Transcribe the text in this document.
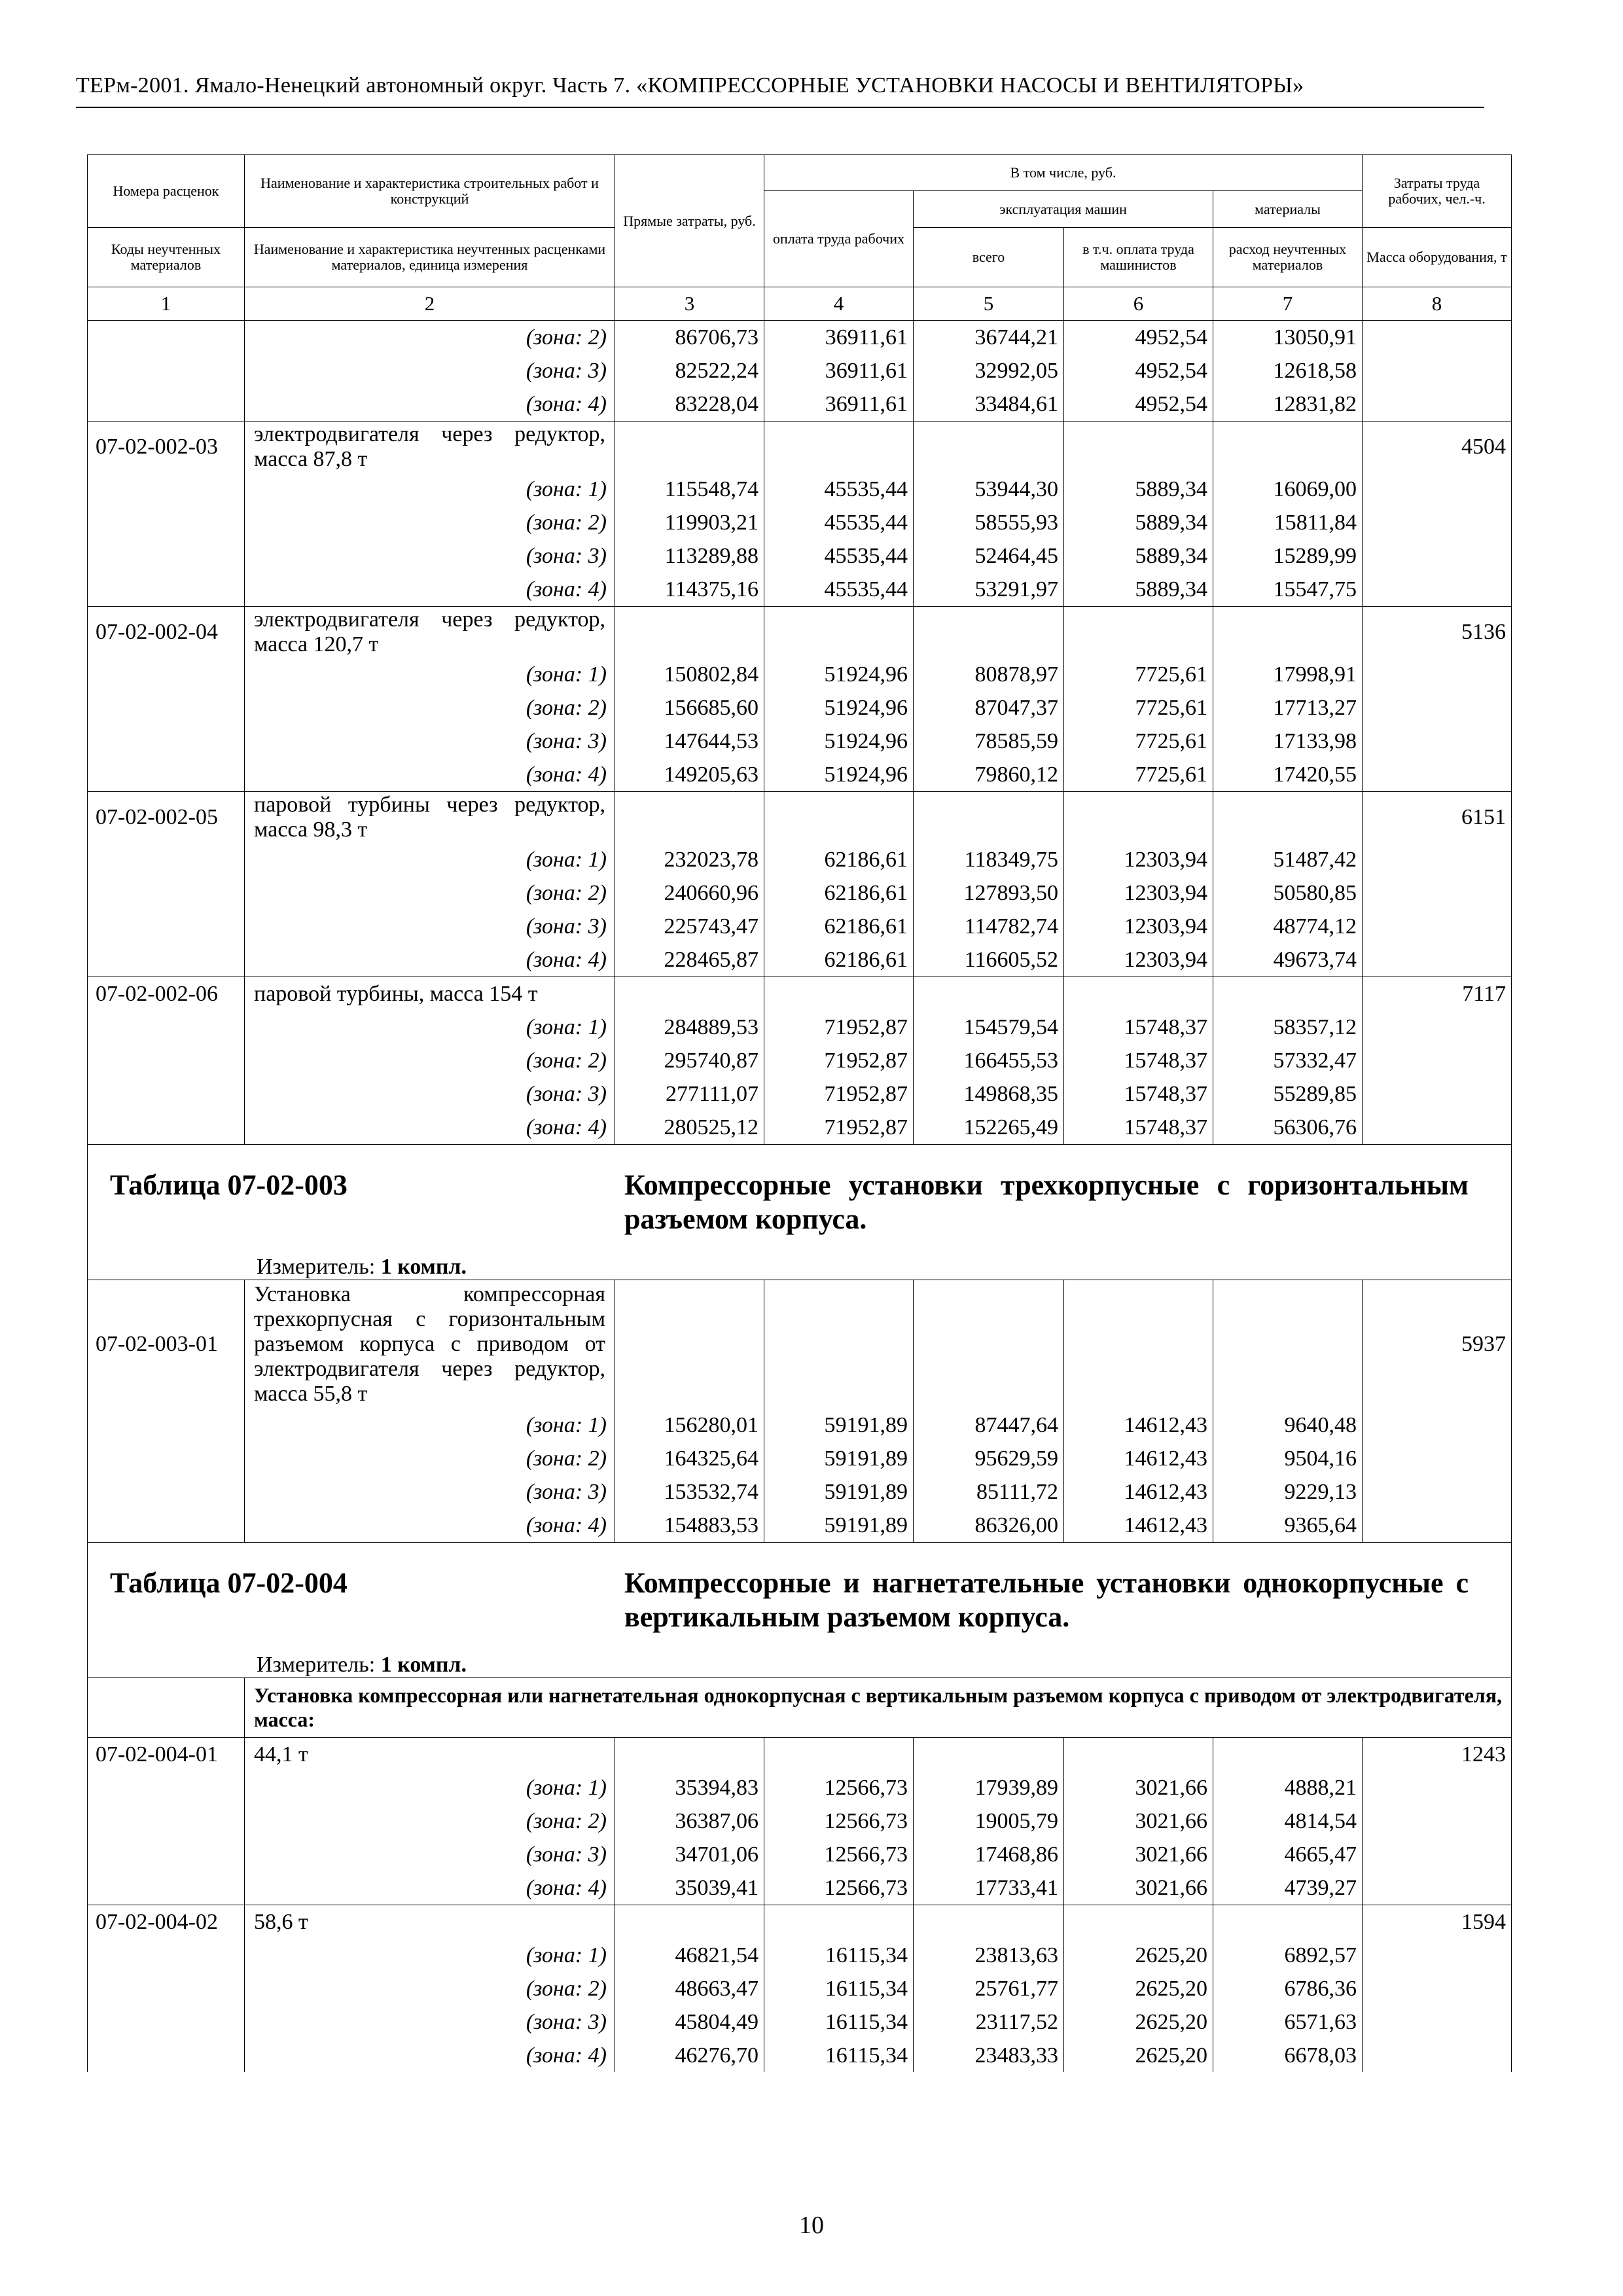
ТЕРм-2001. Ямало-Ненецкий автономный округ. Часть 7. «КОМПРЕССОРНЫЕ УСТАНОВКИ НАСОСЫ И ВЕНТИЛЯТОРЫ»
Номера расценок	Наименование и характеристика строительных работ и конструкций	Прямые затраты, руб.	В том числе, руб.				Затраты труда рабочих, чел.-ч.
			оплата труда рабочих	эксплуатация машин		материалы	
Коды неучтенных материалов	Наименование и характеристика неучтенных расценками материалов, единица измерения			всего	в т.ч. оплата труда машинистов	расход неучтенных материалов	Масса оборудования, т
1	2	3	4	5	6	7	8
	(зона: 2)	86706,73	36911,61	36744,21	4952,54	13050,91	
	(зона: 3)	82522,24	36911,61	32992,05	4952,54	12618,58	
	(зона: 4)	83228,04	36911,61	33484,61	4952,54	12831,82	
07-02-002-03	электродвигателя через редуктор, масса 87,8 т						4504
	(зона: 1)	115548,74	45535,44	53944,30	5889,34	16069,00	
	(зона: 2)	119903,21	45535,44	58555,93	5889,34	15811,84	
	(зона: 3)	113289,88	45535,44	52464,45	5889,34	15289,99	
	(зона: 4)	114375,16	45535,44	53291,97	5889,34	15547,75	
07-02-002-04	электродвигателя через редуктор, масса 120,7 т						5136
	(зона: 1)	150802,84	51924,96	80878,97	7725,61	17998,91	
	(зона: 2)	156685,60	51924,96	87047,37	7725,61	17713,27	
	(зона: 3)	147644,53	51924,96	78585,59	7725,61	17133,98	
	(зона: 4)	149205,63	51924,96	79860,12	7725,61	17420,55	
07-02-002-05	паровой турбины через редуктор, масса 98,3 т						6151
	(зона: 1)	232023,78	62186,61	118349,75	12303,94	51487,42	
	(зона: 2)	240660,96	62186,61	127893,50	12303,94	50580,85	
	(зона: 3)	225743,47	62186,61	114782,74	12303,94	48774,12	
	(зона: 4)	228465,87	62186,61	116605,52	12303,94	49673,74	
07-02-002-06	паровой турбины, масса 154 т						7117
	(зона: 1)	284889,53	71952,87	154579,54	15748,37	58357,12	
	(зона: 2)	295740,87	71952,87	166455,53	15748,37	57332,47	
	(зона: 3)	277111,07	71952,87	149868,35	15748,37	55289,85	
	(зона: 4)	280525,12	71952,87	152265,49	15748,37	56306,76	

Таблица 07-02-003 Компрессорные установки трехкорпусные с горизонтальным разъемом корпуса.
Измеритель: 1 компл.							

07-02-003-01	Установка компрессорная трехкорпусная с горизонтальным разъемом корпуса с приводом от электродвигателя через редуктор, масса 55,8 т						5937
	(зона: 1)	156280,01	59191,89	87447,64	14612,43	9640,48	
	(зона: 2)	164325,64	59191,89	95629,59	14612,43	9504,16	
	(зона: 3)	153532,74	59191,89	85111,72	14612,43	9229,13	
	(зона: 4)	154883,53	59191,89	86326,00	14612,43	9365,64	

Таблица 07-02-004 Компрессорные и нагнетательные установки однокорпусные с вертикальным разъемом корпуса.
Измеритель: 1 компл.							

	Установка компрессорная или нагнетательная однокорпусная с вертикальным разъемом корпуса с приводом от электродвигателя, масса:						
07-02-004-01	44,1 т						1243
	(зона: 1)	35394,83	12566,73	17939,89	3021,66	4888,21	
	(зона: 2)	36387,06	12566,73	19005,79	3021,66	4814,54	
	(зона: 3)	34701,06	12566,73	17468,86	3021,66	4665,47	
	(зона: 4)	35039,41	12566,73	17733,41	3021,66	4739,27	
07-02-004-02	58,6 т						1594
	(зона: 1)	46821,54	16115,34	23813,63	2625,20	6892,57	
	(зона: 2)	48663,47	16115,34	25761,77	2625,20	6786,36	
	(зона: 3)	45804,49	16115,34	23117,52	2625,20	6571,63	
	(зона: 4)	46276,70	16115,34	23483,33	2625,20	6678,03	
10
